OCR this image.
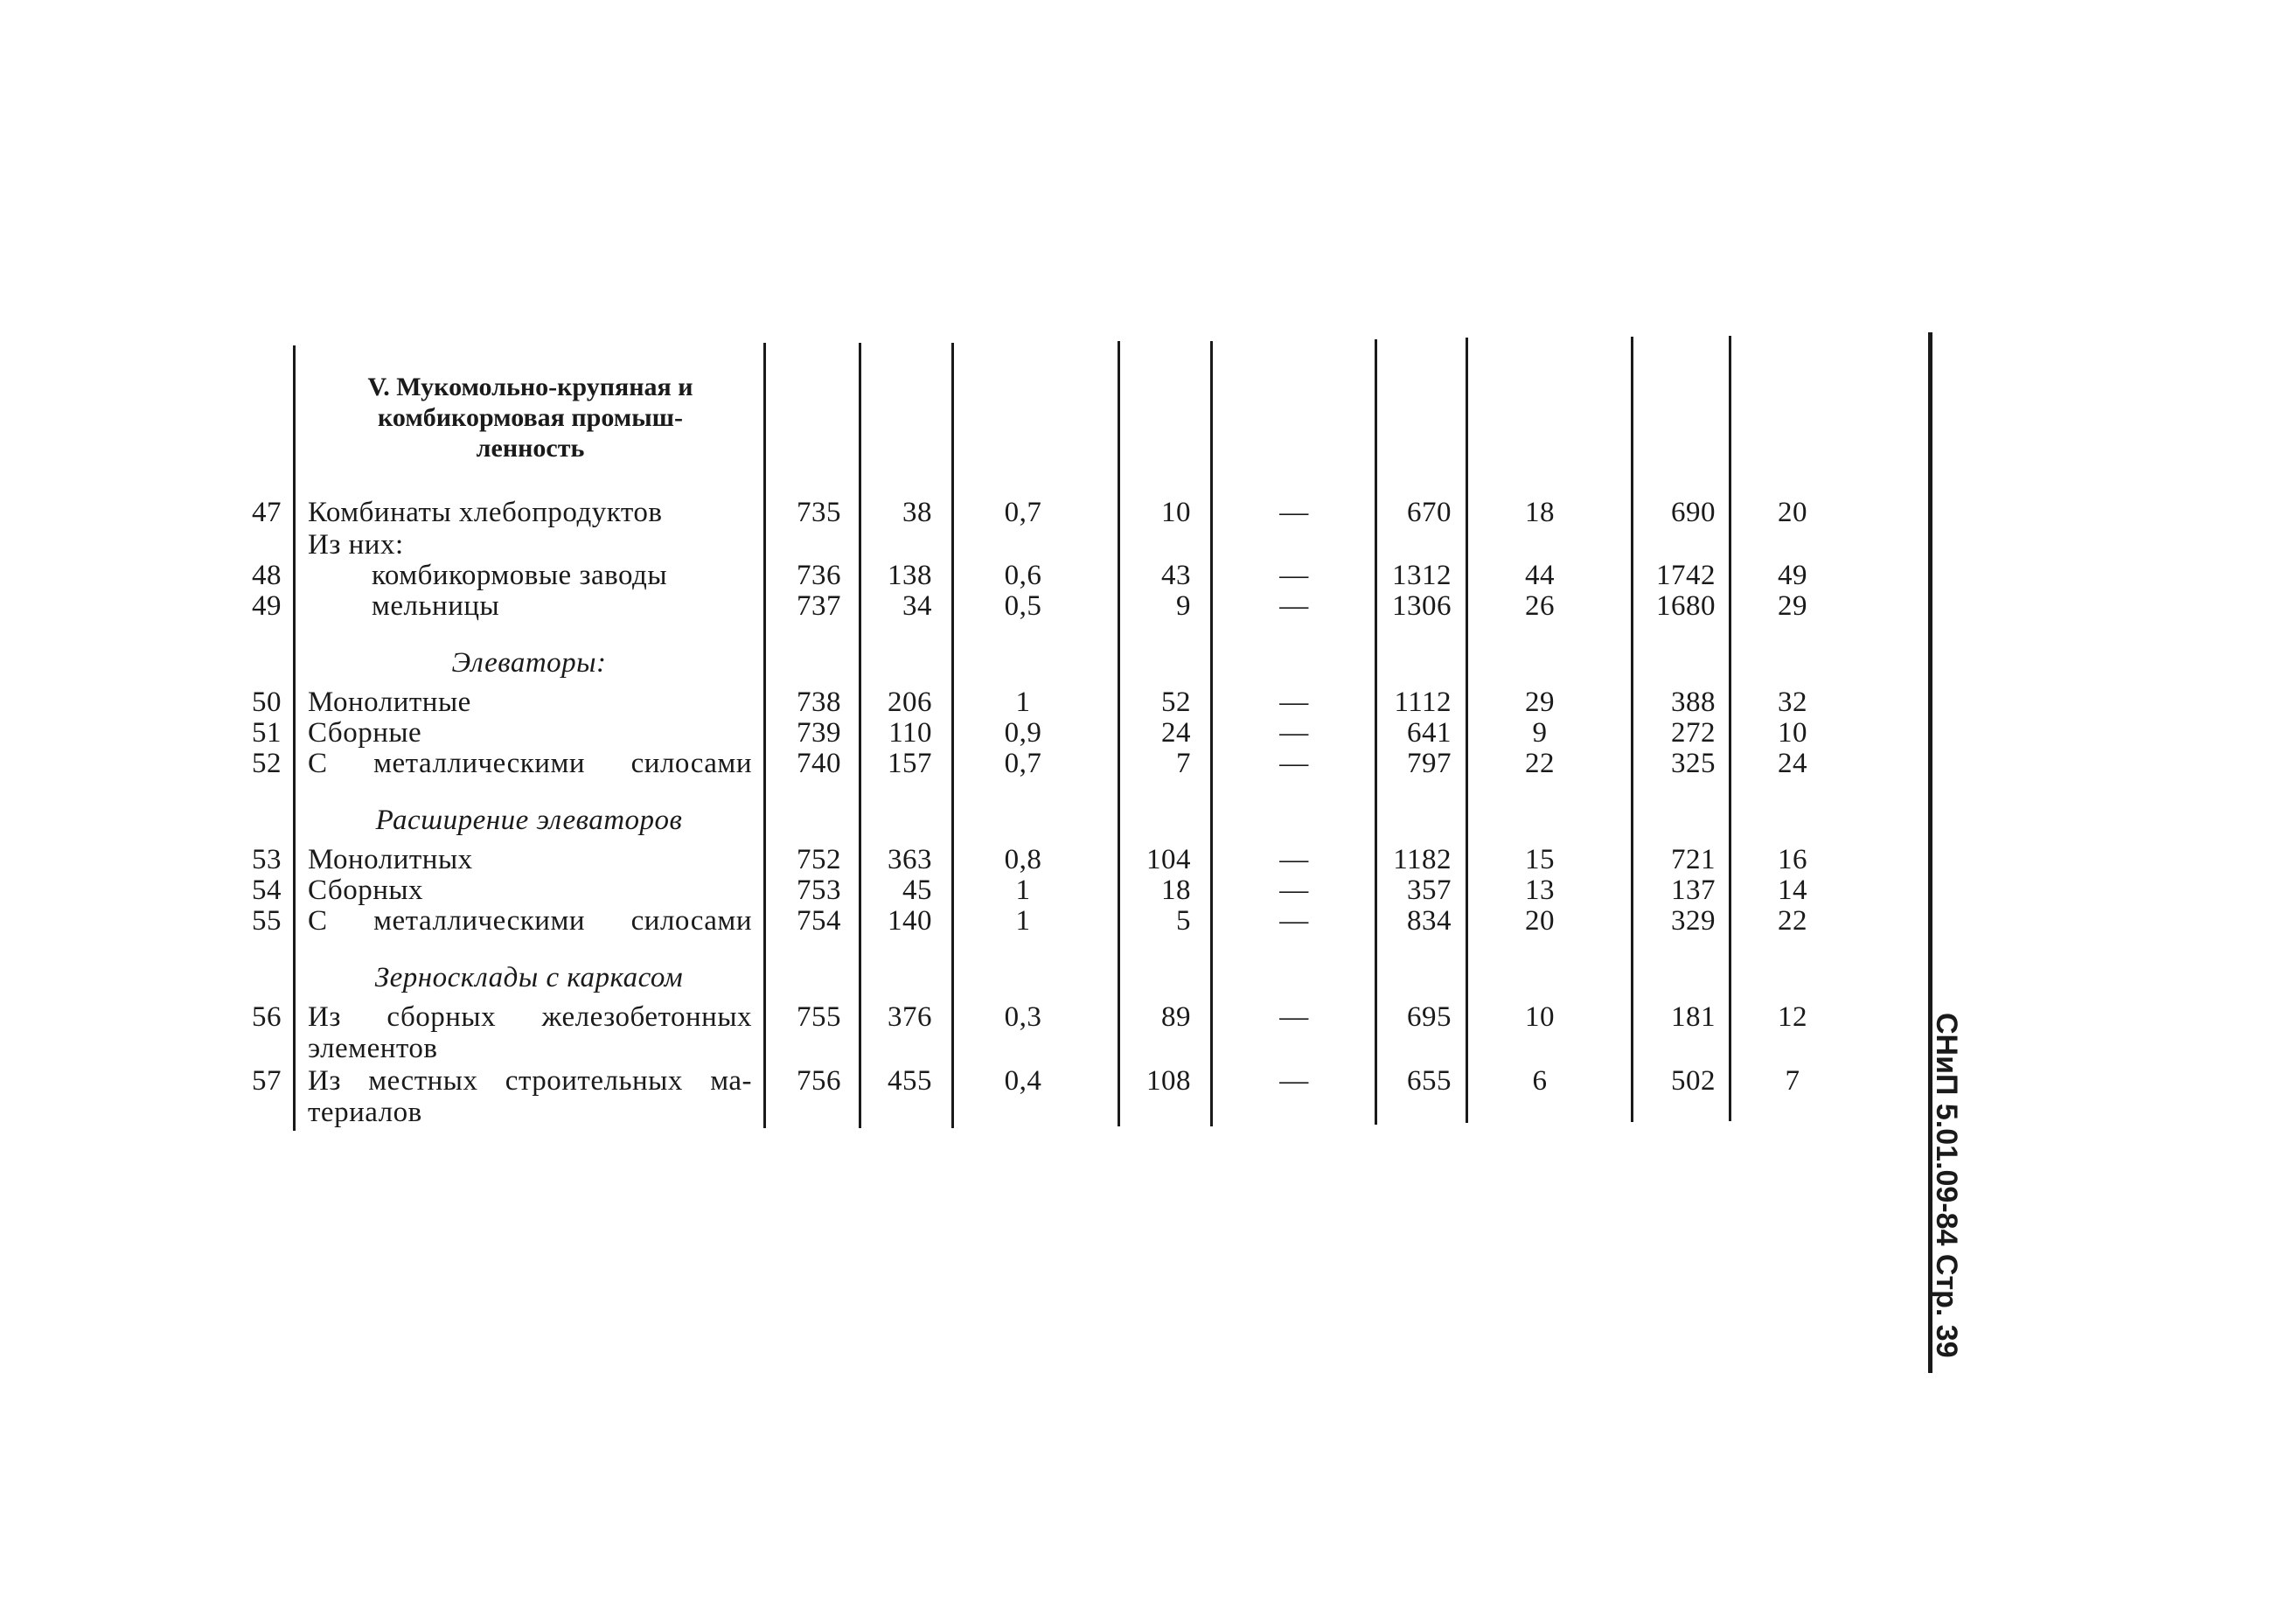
V. Мукомольно-крупяная и
комбикормовая промыш-
ленность
47 Комбинаты хлебопродуктов	735	38	0,7	10	—	670	18	690	20
Из них:
48	комбикормовые заводы	736	138	0,6	43	—	1312	44	1742	49
49	мельницы	737	34	0,5	9	—	1306	26	1680	29
Элеваторы:
50 Монолитные	738	206	1	52	—	1112	29	388	32
51 Сборные	739	110	0,9	24	—	641	9	272	10
52 С металлическими силосами	740	157	0,7	7	—	797	22	325	24
Расширение элеваторов
53 Монолитных	752	363	0,8	104	—	1182	15	721	16
54 Сборных	753	45	1	18	—	357	13	137	14
55 С металлическими силосами	754	140	1	5	—	834	20	329	22
Зерносклады с каркасом
56 Из сборных железобетонных
элементов
755	376	0,3	89	—	695	10	181	12
57 Из местных строительных ма-
териалов
756	455	0,4	108	—	655	6	502	7	СНиП 5.01.09-84 Стр. 39
